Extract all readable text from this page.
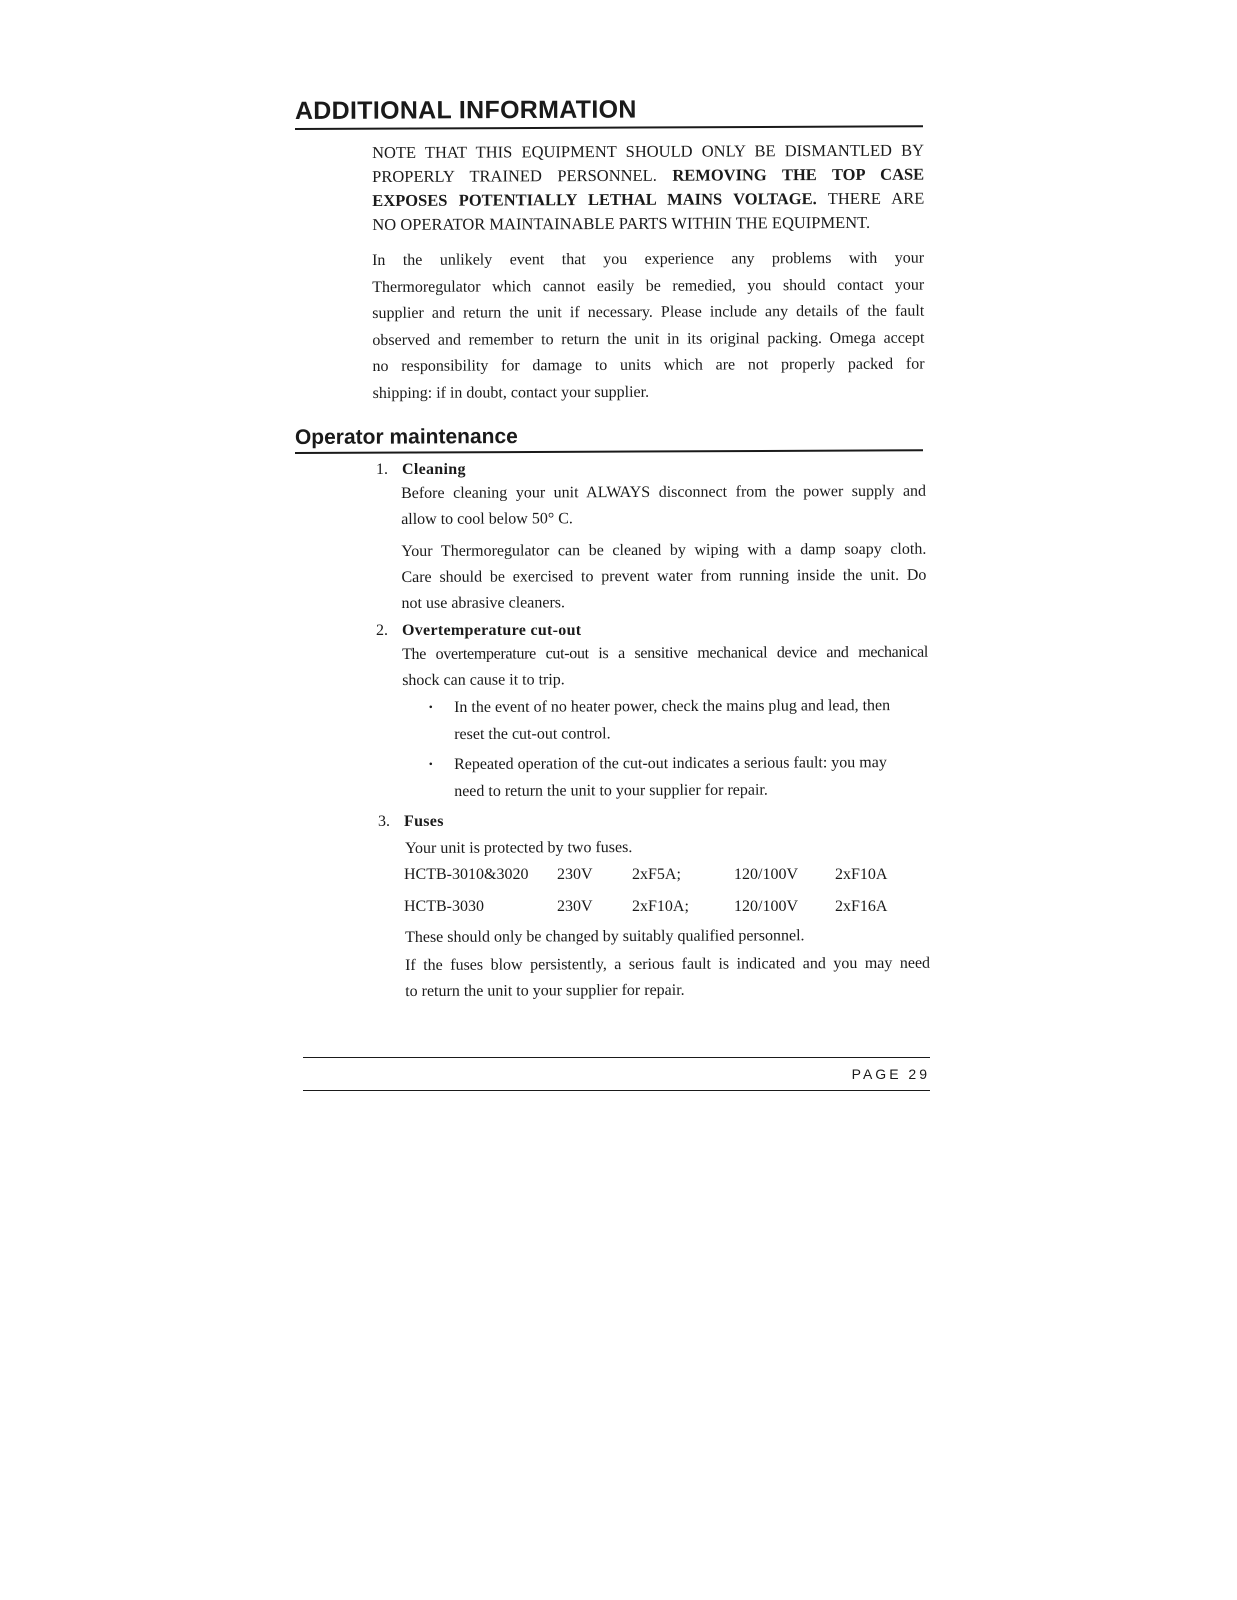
ADDITIONAL INFORMATION

NOTE THAT THIS EQUIPMENT SHOULD ONLY BE DISMANTLED BY

PROPERLY TRAINED PERSONNEL. REMOVING THE TOP CASE

EXPOSES POTENTIALLY LETHAL MAINS VOLTAGE. THERE ARE

NO OPERATOR MAINTAINABLE PARTS WITHIN THE EQUIPMENT.

In the unlikely event that you experience any problems with your

Thermoregulator which cannot easily be remedied, you should contact your

supplier and return the unit if necessary. Please include any details of the fault

observed and remember to return the unit in its original packing. Omega accept

no responsibility for damage to units which are not properly packed for

shipping: if in doubt, contact your supplier.

Operator maintenance
1. Cleaning

Before cleaning your unit ALWAYS disconnect from the power supply and

allow to cool below 50° C.

Your Thermoregulator can be cleaned by wiping with a damp soapy cloth.

Care should be exercised to prevent water from running inside the unit. Do

not use abrasive cleaners.

2. Overtemperature cut-out

The overtemperature cut-out is a sensitive mechanical device and mechanical

shock can cause it to trip.

· In the event of no heater power, check the mains plug and lead, then
reset the cut-out control.
· Repeated operation of the cut-out indicates a serious fault: you may
need to return the unit to your supplier for repair.
3. Fuses

Your unit is protected by two fuses.

HCTB-3010&3020 230V 2xF5A;	120/100V 2xF10A
HCTB-3030	230V 2xF10A;	120/100V 2xF16A

These should only be changed by suitably qualified personnel.

If the fuses blow persistently, a serious fault is indicated and you may need

to return the unit to your supplier for repair.

PAGE 29
